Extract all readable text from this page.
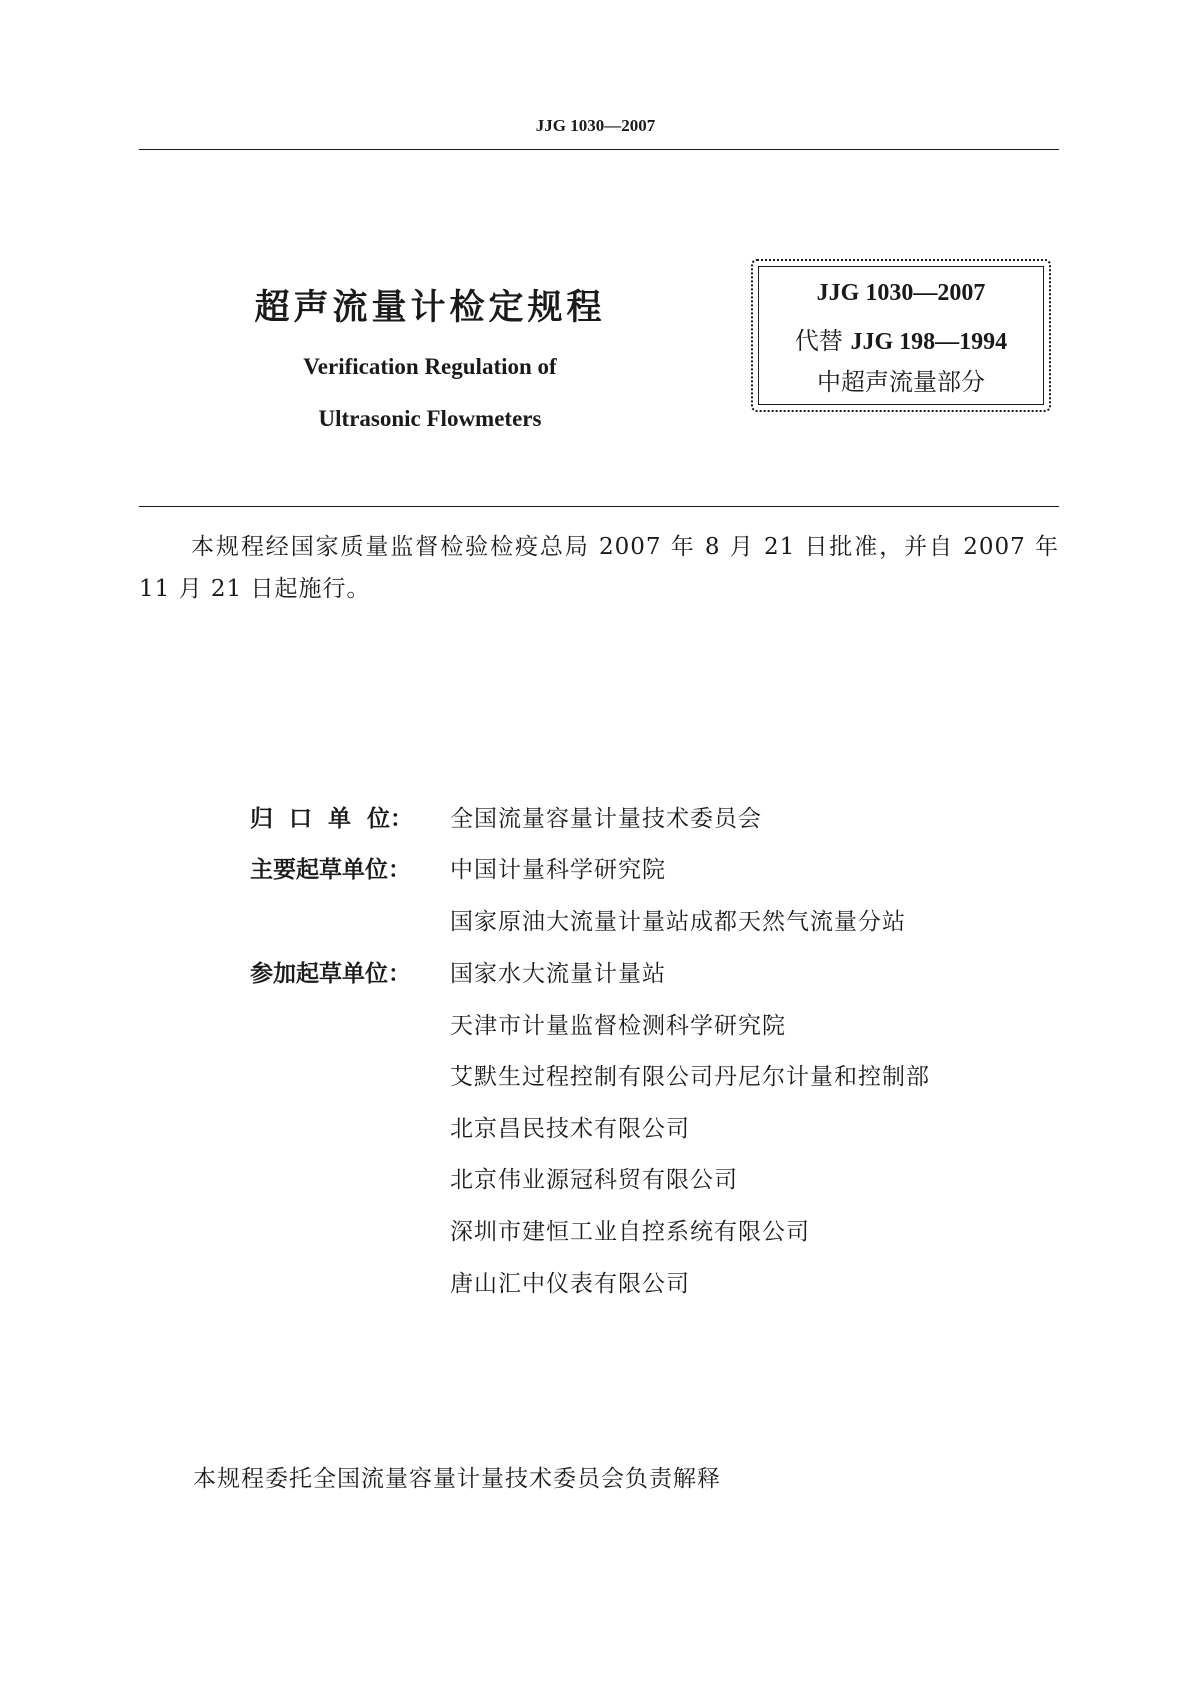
JJG 1030—2007
超声流量计检定规程
Verification Regulation of
Ultrasonic Flowmeters
JJG 1030—2007
代替 JJG 198—1994
中超声流量部分
本规程经国家质量监督检验检疫总局 2007 年 8 月 21 日批准，并自 2007 年 11 月 21 日起施行。
归  口  单  位：	全国流量容量计量技术委员会
主要起草单位：	中国计量科学研究院
国家原油大流量计量站成都天然气流量分站
参加起草单位：	国家水大流量计量站
天津市计量监督检测科学研究院
艾默生过程控制有限公司丹尼尔计量和控制部
北京昌民技术有限公司
北京伟业源冠科贸有限公司
深圳市建恒工业自控系统有限公司
唐山汇中仪表有限公司
本规程委托全国流量容量计量技术委员会负责解释
